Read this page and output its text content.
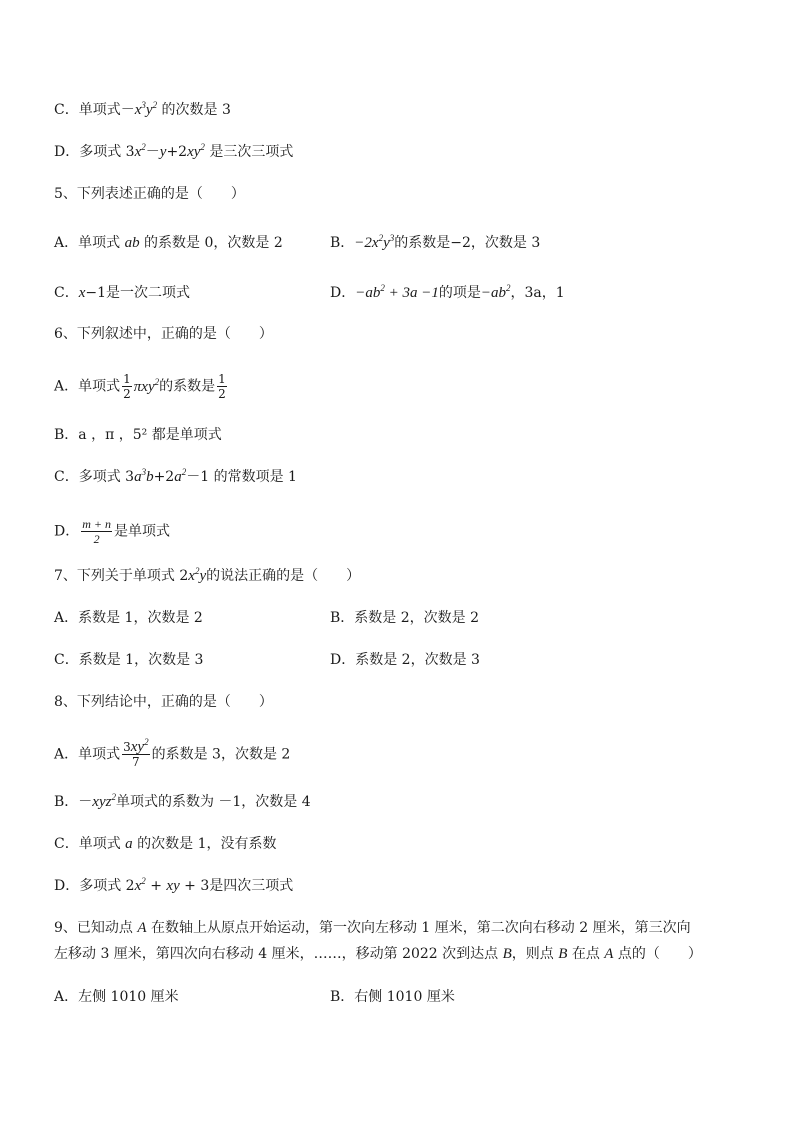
C．单项式$-x^3y^2$ 的次数是 3
D．多项式 $3x^2-y+2xy^2$ 是三次三项式
5、下列表述正确的是（　　）
A．单项式 ab 的系数是 0，次数是 2	B．$-2x^2y^3$的系数是−2，次数是 3
C．x−1是一次二项式	D．$-ab^2 + 3a -1$的项是$-ab^2$，3a，1
6、下列叙述中，正确的是（　　）
A．单项式 $\frac{1}{2} \pi xy^2$的系数是 $\frac{1}{2}$
B．a ，π ，5² 都是单项式
C．多项式 $3a^3b+2a^2-1$ 的常数项是 1
D． $\frac{m + n}{2}$ 是单项式
7、下列关于单项式 $2x^2y$的说法正确的是（　　）
A．系数是 1，次数是 2	B．系数是 2，次数是 2
C．系数是 1，次数是 3	D．系数是 2，次数是 3
8、下列结论中，正确的是（　　）
A．单项式 $\frac{3xy^2}{7}$ 的系数是 3，次数是 2
B．－xyz$^2$单项式的系数为 －1，次数是 4
C．单项式 a 的次数是 1，没有系数
D．多项式 $2x^2$ + xy + 3是四次三项式
9、已知动点 A 在数轴上从原点开始运动，第一次向左移动 1 厘米，第二次向右移动 2 厘米，第三次向
左移动 3 厘米，第四次向右移动 4 厘米，……，移动第 2022 次到达点 B，则点 B 在点 A 点的（　　）
A．左侧 1010 厘米	B．右侧 1010 厘米
